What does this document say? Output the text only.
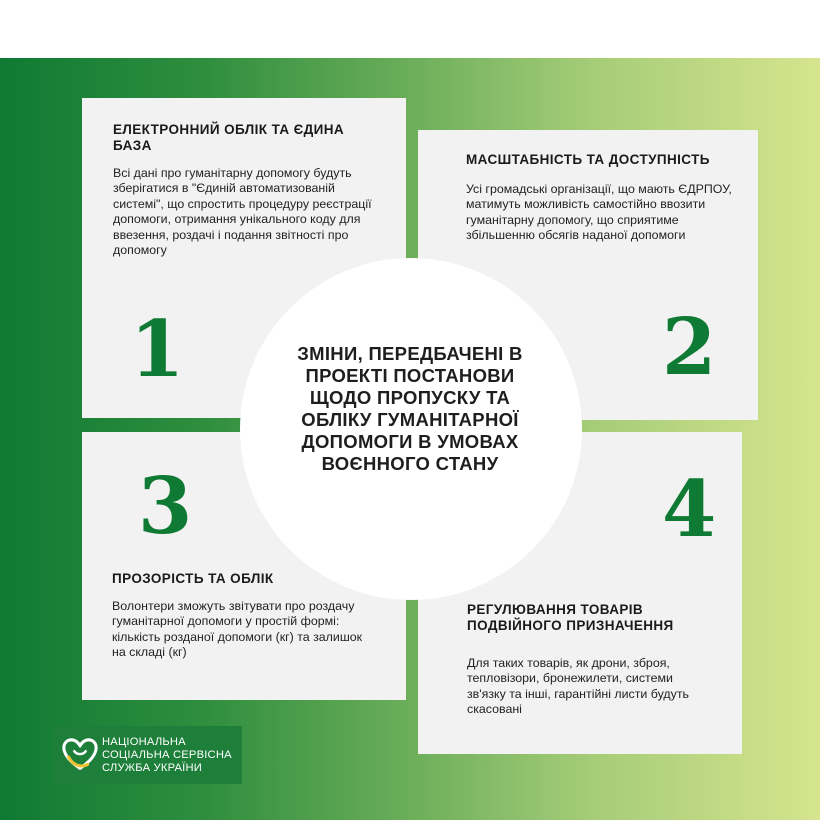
ЕЛЕКТРОННИЙ ОБЛІК ТА ЄДИНА БАЗА
Всі дані про гуманітарну допомогу будуть зберігатися в "Єдиній автоматизованій системі", що спростить процедуру реєстрації допомоги, отримання унікального коду для ввезення, роздачі і подання звітності про допомогу
1
МАСШТАБНІСТЬ ТА ДОСТУПНІСТЬ
Усі громадські організації, що мають ЄДРПОУ, матимуть можливість самостійно ввозити гуманітарну допомогу, що сприятиме збільшенню обсягів наданої допомоги
2
3
ПРОЗОРІСТЬ ТА ОБЛІК
Волонтери зможуть звітувати про роздачу гуманітарної допомоги у простій формі: кількість розданої допомоги (кг) та залишок на складі (кг)
4
РЕГУЛЮВАННЯ ТОВАРІВ ПОДВІЙНОГО ПРИЗНАЧЕННЯ
Для таких товарів, як дрони, зброя, тепловізори, бронежилети, системи зв'язку та інші, гарантійні листи будуть скасовані
ЗМІНИ, ПЕРЕДБАЧЕНІ В ПРОЕКТІ ПОСТАНОВИ ЩОДО ПРОПУСКУ ТА ОБЛІКУ ГУМАНІТАРНОЇ ДОПОМОГИ В УМОВАХ ВОЄННОГО СТАНУ
НАЦІОНАЛЬНА
СОЦІАЛЬНА СЕРВІСНА
СЛУЖБА УКРАЇНИ
